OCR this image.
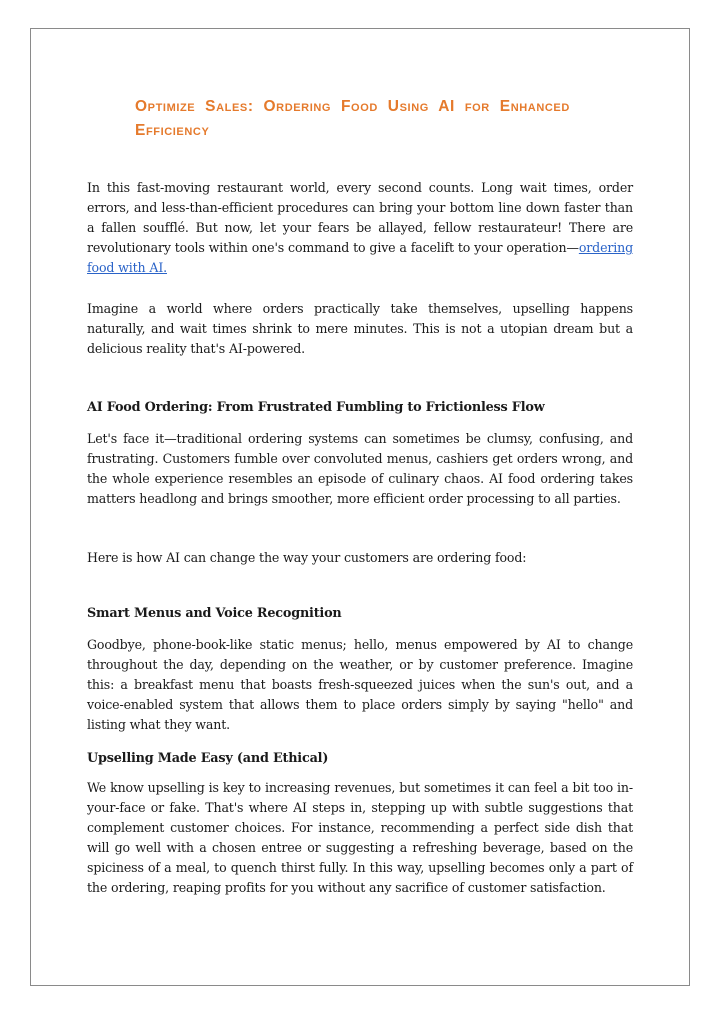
Optimize Sales: Ordering Food Using AI for Enhanced Efficiency

In this fast-moving restaurant world, every second counts. Long wait times, order errors, and less-than-efficient procedures can bring your bottom line down faster than a fallen soufflé. But now, let your fears be allayed, fellow restaurateur! There are revolutionary tools within one's command to give a facelift to your operation—ordering food with AI.

Imagine a world where orders practically take themselves, upselling happens naturally, and wait times shrink to mere minutes. This is not a utopian dream but a delicious reality that's AI-powered.

AI Food Ordering: From Frustrated Fumbling to Frictionless Flow

Let's face it—traditional ordering systems can sometimes be clumsy, confusing, and frustrating. Customers fumble over convoluted menus, cashiers get orders wrong, and the whole experience resembles an episode of culinary chaos. AI food ordering takes matters headlong and brings smoother, more efficient order processing to all parties.

Here is how AI can change the way your customers are ordering food:

Smart Menus and Voice Recognition

Goodbye, phone-book-like static menus; hello, menus empowered by AI to change throughout the day, depending on the weather, or by customer preference. Imagine this: a breakfast menu that boasts fresh-squeezed juices when the sun's out, and a voice-enabled system that allows them to place orders simply by saying "hello" and listing what they want.

Upselling Made Easy (and Ethical)

We know upselling is key to increasing revenues, but sometimes it can feel a bit too in-your-face or fake. That's where AI steps in, stepping up with subtle suggestions that complement customer choices. For instance, recommending a perfect side dish that will go well with a chosen entree or suggesting a refreshing beverage, based on the spiciness of a meal, to quench thirst fully. In this way, upselling becomes only a part of the ordering, reaping profits for you without any sacrifice of customer satisfaction.
